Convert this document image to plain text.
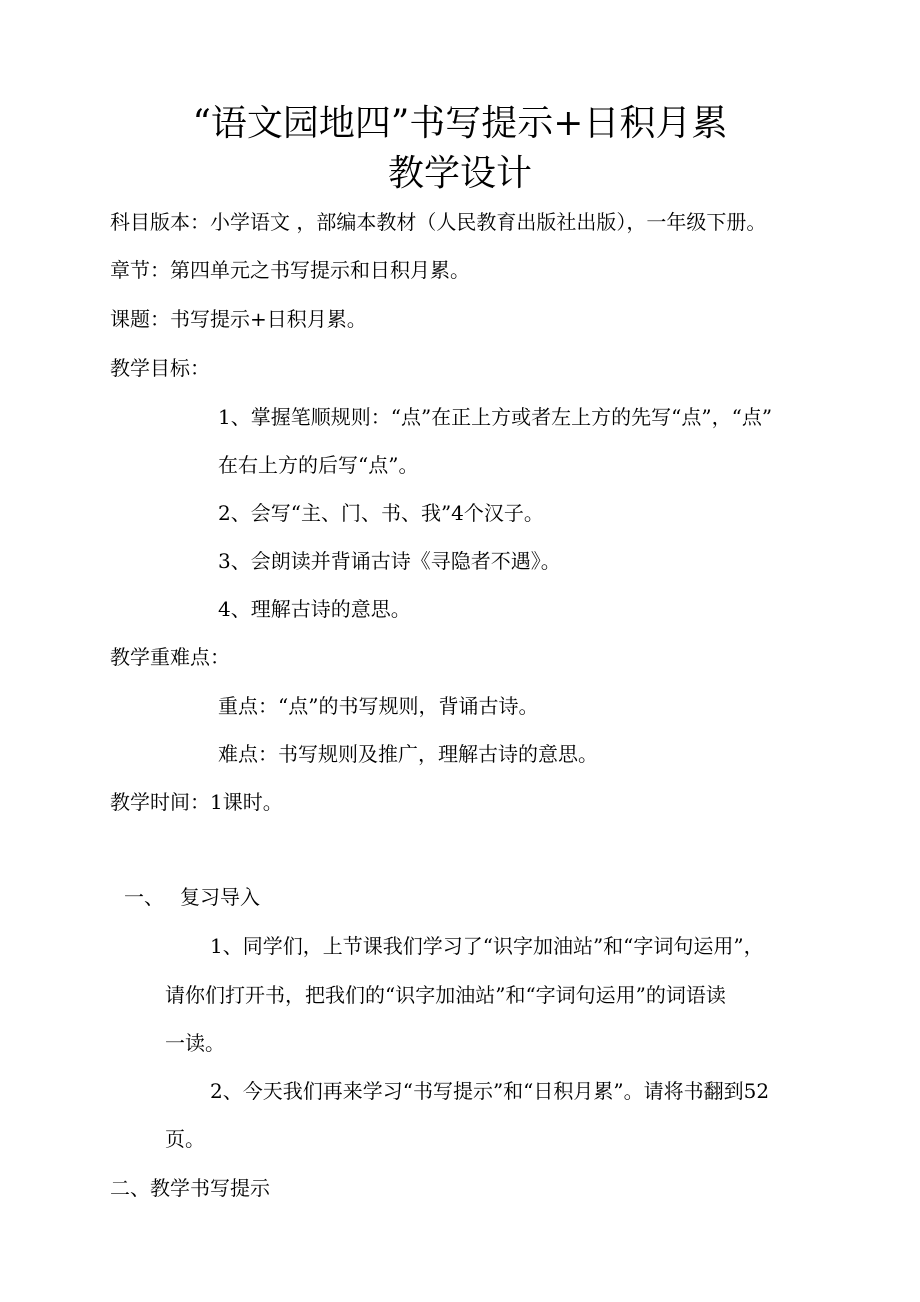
“语文园地四”书写提示+日积月累
教学设计
科目版本：小学语文 ，部编本教材（人民教育出版社出版），一年级下册。
章节：第四单元之书写提示和日积月累。
课题：书写提示+日积月累。
教学目标：
1、掌握笔顺规则：“点”在正上方或者左上方的先写“点”，“点”
在右上方的后写“点”。
2、会写“主、门、书、我”4个汉子。
3、会朗读并背诵古诗《寻隐者不遇》。
4、理解古诗的意思。
教学重难点：
重点：“点”的书写规则，背诵古诗。
难点：书写规则及推广，理解古诗的意思。
教学时间：1课时。
一、 复习导入
1、同学们，上节课我们学习了“识字加油站”和“字词句运用”，
请你们打开书，把我们的“识字加油站”和“字词句运用”的词语读
一读。
2、今天我们再来学习“书写提示”和“日积月累”。请将书翻到52
页。
二、教学书写提示
